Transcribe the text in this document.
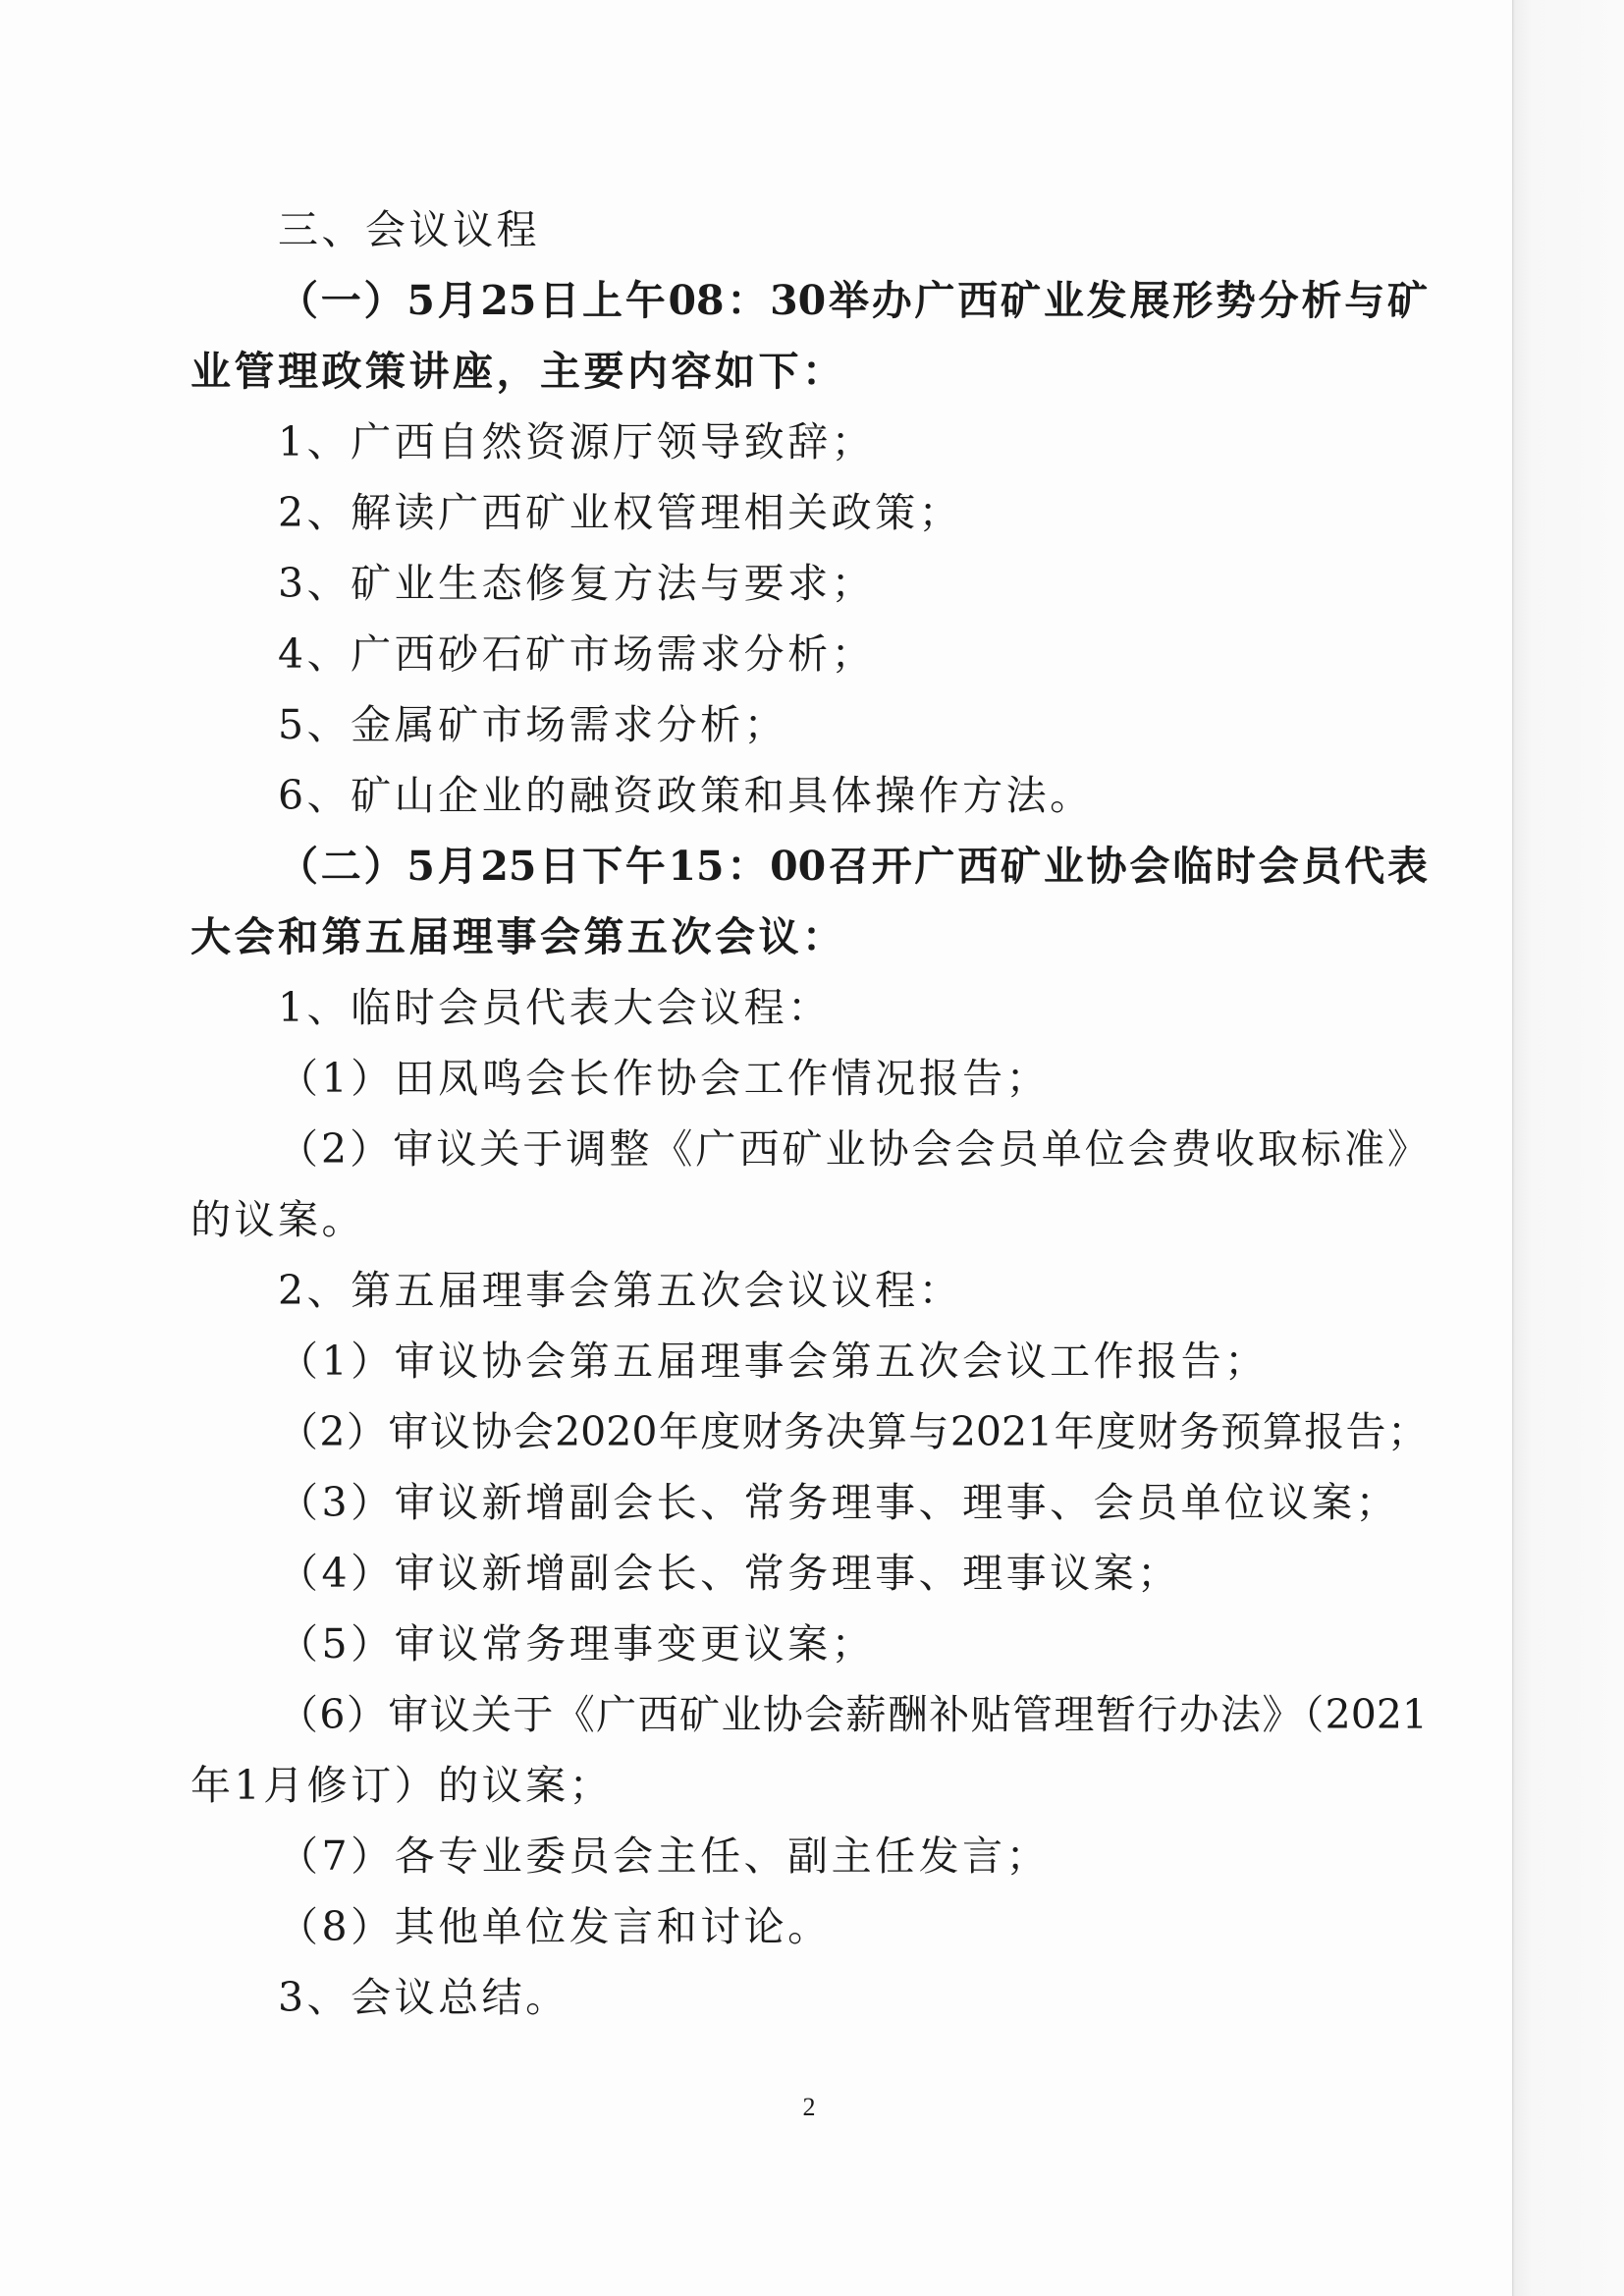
三、会议议程
（一）5月25日上午08：30举办广西矿业发展形势分析与矿
业管理政策讲座，主要内容如下：
1、广西自然资源厅领导致辞；
2、解读广西矿业权管理相关政策；
3、矿业生态修复方法与要求；
4、广西砂石矿市场需求分析；
5、金属矿市场需求分析；
6、矿山企业的融资政策和具体操作方法。
（二）5月25日下午15：00召开广西矿业协会临时会员代表
大会和第五届理事会第五次会议：
1、临时会员代表大会议程：
（1）田凤鸣会长作协会工作情况报告；
（2）审议关于调整《广西矿业协会会员单位会费收取标准》
的议案。
2、第五届理事会第五次会议议程：
（1）审议协会第五届理事会第五次会议工作报告；
（2）审议协会2020年度财务决算与2021年度财务预算报告；
（3）审议新增副会长、常务理事、理事、会员单位议案；
（4）审议新增副会长、常务理事、理事议案；
（5）审议常务理事变更议案；
（6）审议关于《广西矿业协会薪酬补贴管理暂行办法》（2021
年1月修订）的议案；
（7）各专业委员会主任、副主任发言；
（8）其他单位发言和讨论。
3、会议总结。
2
